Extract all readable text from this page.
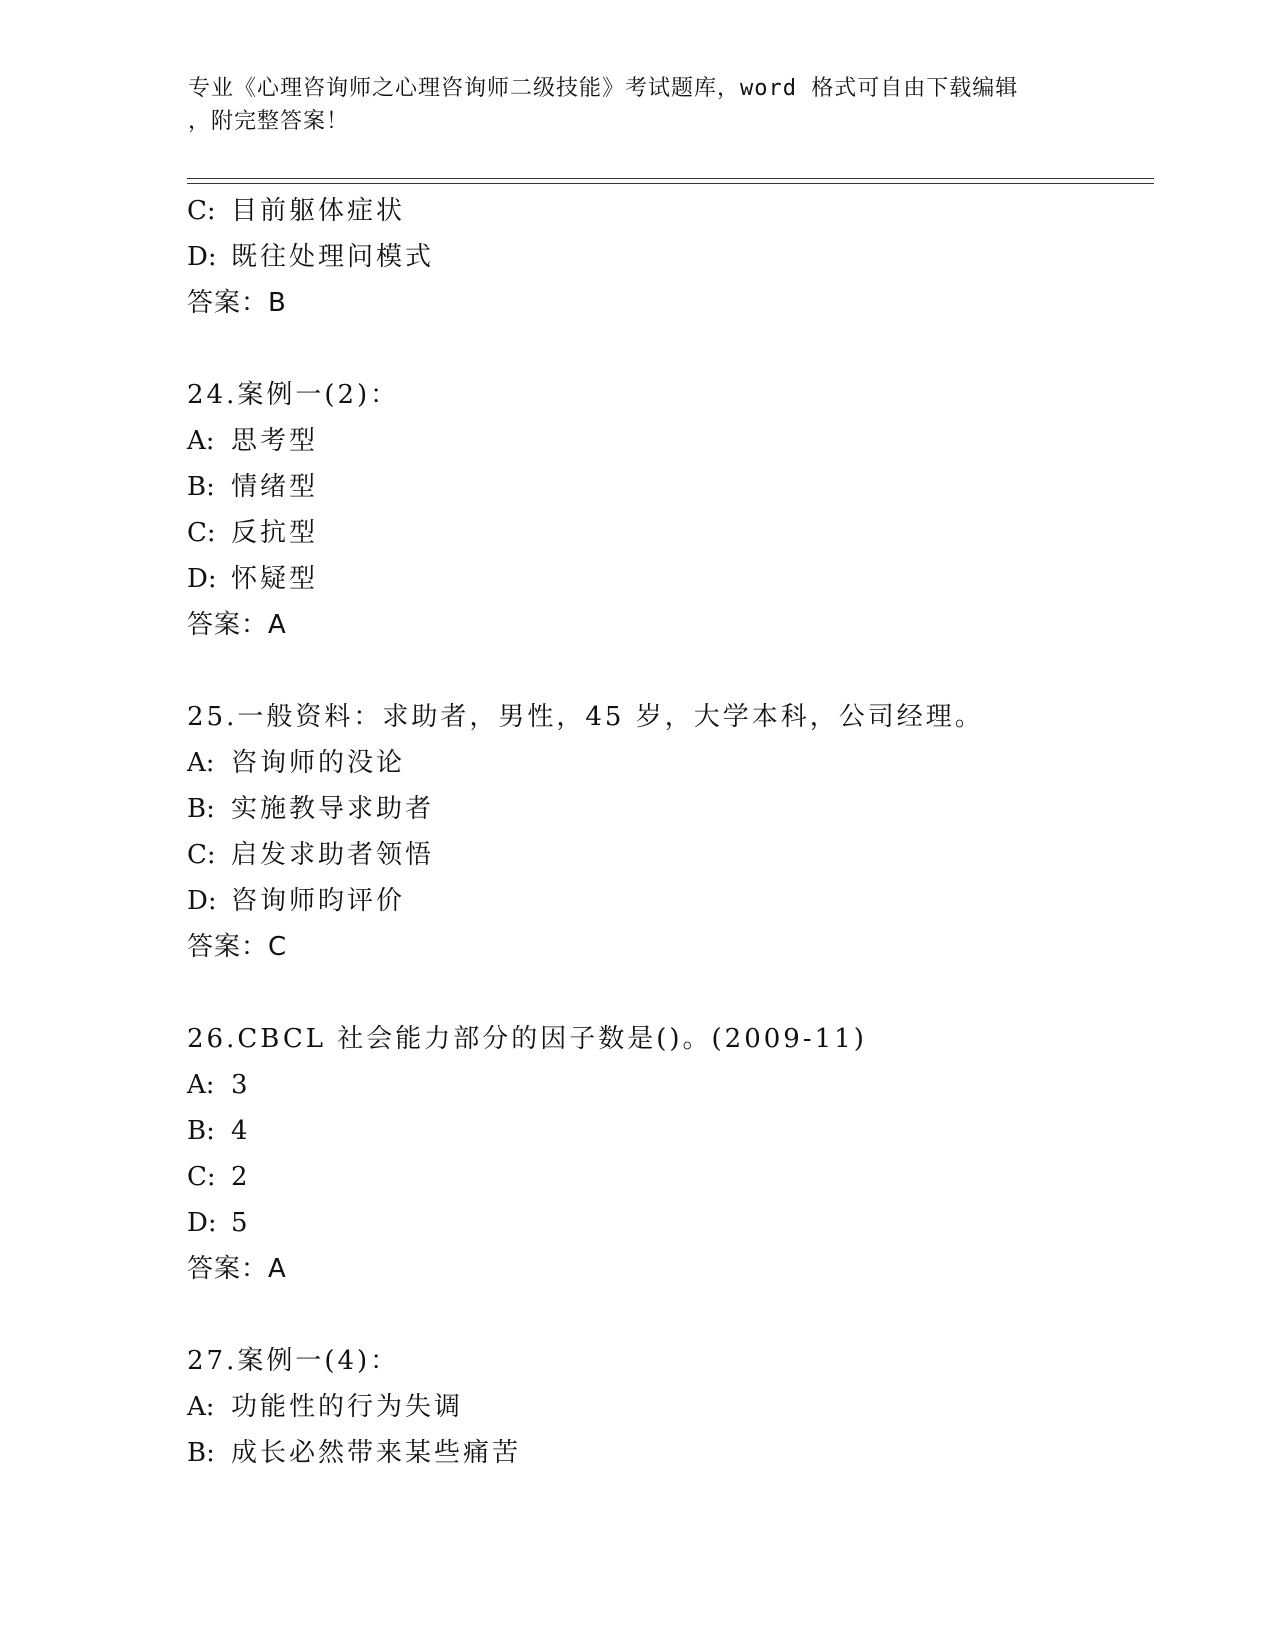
专业《心理咨询师之心理咨询师二级技能》考试题库，word 格式可自由下载编辑
，附完整答案！
C: 目前躯体症状
D: 既往处理问模式
答案：B
24.案例一(2)：
A: 思考型
B: 情绪型
C: 反抗型
D: 怀疑型
答案：A
25.一般资料：求助者，男性，45 岁，大学本科，公司经理。
A: 咨询师的没论
B: 实施教导求助者
C: 启发求助者领悟
D: 咨询师昀评价
答案：C
26.CBCL 社会能力部分的因子数是()。(2009-11)
A: 3
B: 4
C: 2
D: 5
答案：A
27.案例一(4)：
A: 功能性的行为失调
B: 成长必然带来某些痛苦
